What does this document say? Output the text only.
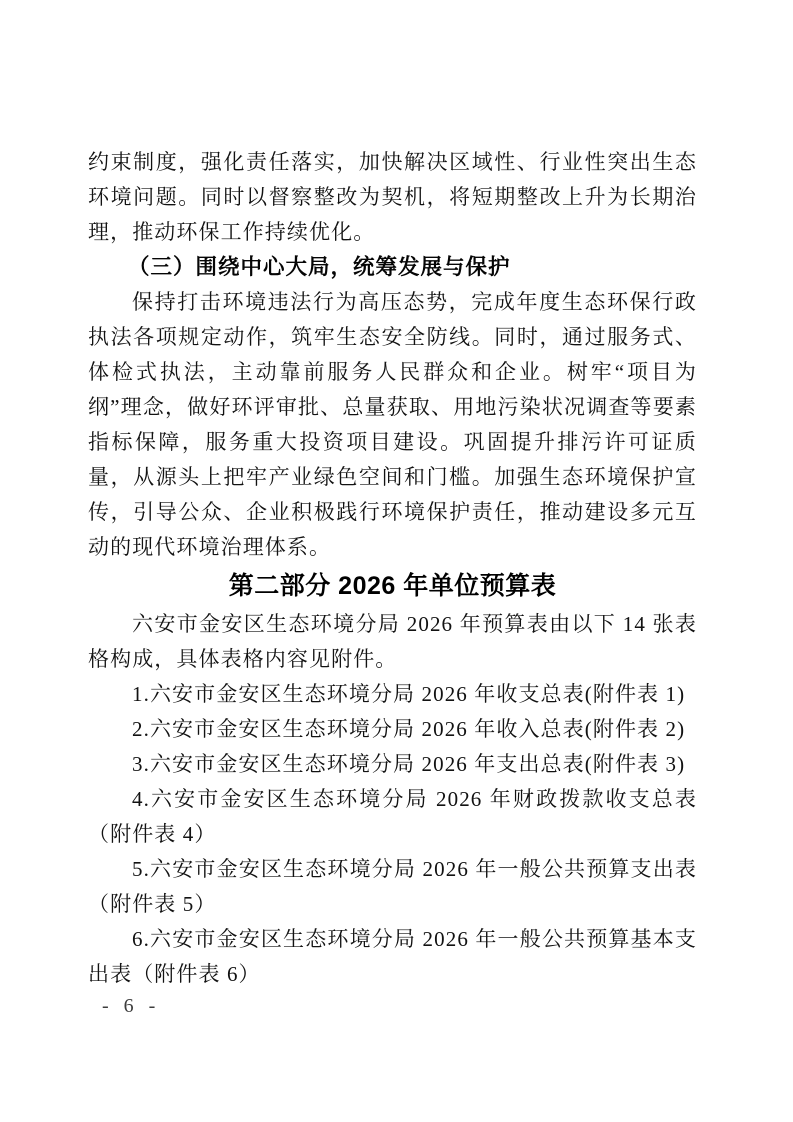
约束制度，强化责任落实，加快解决区域性、行业性突出生态环境问题。同时以督察整改为契机，将短期整改上升为长期治理，推动环保工作持续优化。

（三）围绕中心大局，统筹发展与保护

保持打击环境违法行为高压态势，完成年度生态环保行政执法各项规定动作，筑牢生态安全防线。同时，通过服务式、体检式执法，主动靠前服务人民群众和企业。树牢“项目为纲”理念，做好环评审批、总量获取、用地污染状况调查等要素指标保障，服务重大投资项目建设。巩固提升排污许可证质量，从源头上把牢产业绿色空间和门槛。加强生态环境保护宣传，引导公众、企业积极践行环境保护责任，推动建设多元互动的现代环境治理体系。

第二部分 2026 年单位预算表

六安市金安区生态环境分局 2026 年预算表由以下 14 张表格构成，具体表格内容见附件。

1.六安市金安区生态环境分局 2026 年收支总表(附件表 1)

2.六安市金安区生态环境分局 2026 年收入总表(附件表 2)

3.六安市金安区生态环境分局 2026 年支出总表(附件表 3)

4.六安市金安区生态环境分局 2026 年财政拨款收支总表（附件表 4）

5.六安市金安区生态环境分局 2026 年一般公共预算支出表（附件表 5）

6.六安市金安区生态环境分局 2026 年一般公共预算基本支出表（附件表 6）

- 6 -
